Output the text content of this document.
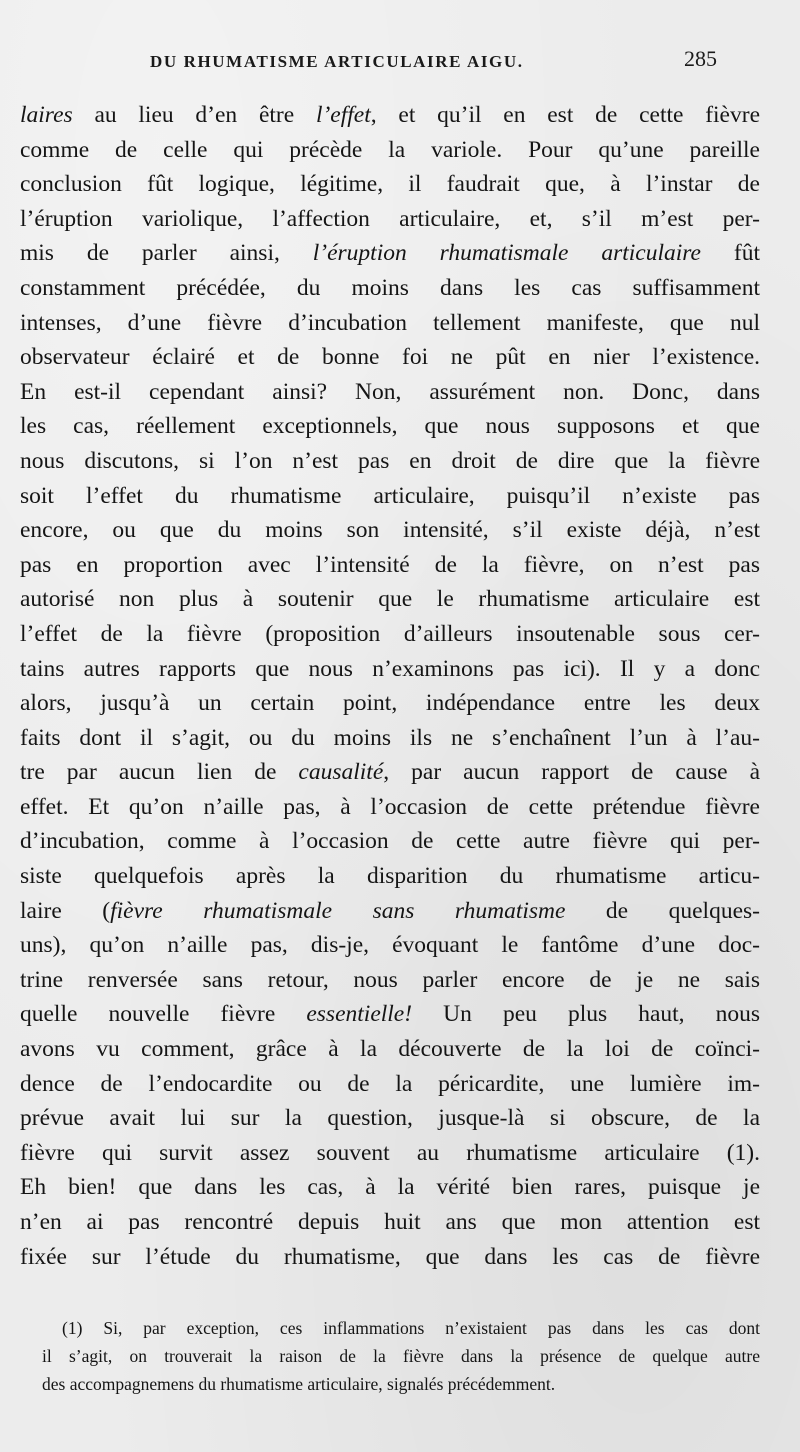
DU RHUMATISME ARTICULAIRE AIGU.	285
laires au lieu d’en être l’effet, et qu’il en est de cette fièvre
comme de celle qui précède la variole. Pour qu’une pareille
conclusion fût logique, légitime, il faudrait que, à l’instar de
l’éruption variolique, l’affection articulaire, et, s’il m’est per-
mis de parler ainsi, l’éruption rhumatismale articulaire fût
constamment précédée, du moins dans les cas suffisamment
intenses, d’une fièvre d’incubation tellement manifeste, que nul
observateur éclairé et de bonne foi ne pût en nier l’existence.
En est-il cependant ainsi? Non, assurément non. Donc, dans
les cas, réellement exceptionnels, que nous supposons et que
nous discutons, si l’on n’est pas en droit de dire que la fièvre
soit l’effet du rhumatisme articulaire, puisqu’il n’existe pas
encore, ou que du moins son intensité, s’il existe déjà, n’est
pas en proportion avec l’intensité de la fièvre, on n’est pas
autorisé non plus à soutenir que le rhumatisme articulaire est
l’effet de la fièvre (proposition d’ailleurs insoutenable sous cer-
tains autres rapports que nous n’examinons pas ici). Il y a donc
alors, jusqu’à un certain point, indépendance entre les deux
faits dont il s’agit, ou du moins ils ne s’enchaînent l’un à l’au-
tre par aucun lien de causalité, par aucun rapport de cause à
effet. Et qu’on n’aille pas, à l’occasion de cette prétendue fièvre
d’incubation, comme à l’occasion de cette autre fièvre qui per-
siste quelquefois après la disparition du rhumatisme articu-
laire (fièvre rhumatismale sans rhumatisme de quelques-
uns), qu’on n’aille pas, dis-je, évoquant le fantôme d’une doc-
trine renversée sans retour, nous parler encore de je ne sais
quelle nouvelle fièvre essentielle! Un peu plus haut, nous
avons vu comment, grâce à la découverte de la loi de coïnci-
dence de l’endocardite ou de la péricardite, une lumière im-
prévue avait lui sur la question, jusque-là si obscure, de la
fièvre qui survit assez souvent au rhumatisme articulaire (1).
Eh bien! que dans les cas, à la vérité bien rares, puisque je
n’en ai pas rencontré depuis huit ans que mon attention est
fixée sur l’étude du rhumatisme, que dans les cas de fièvre
(1) Si, par exception, ces inflammations n’existaient pas dans les cas dont
il s’agit, on trouverait la raison de la fièvre dans la présence de quelque autre
des accompagnemens du rhumatisme articulaire, signalés précédemment.
